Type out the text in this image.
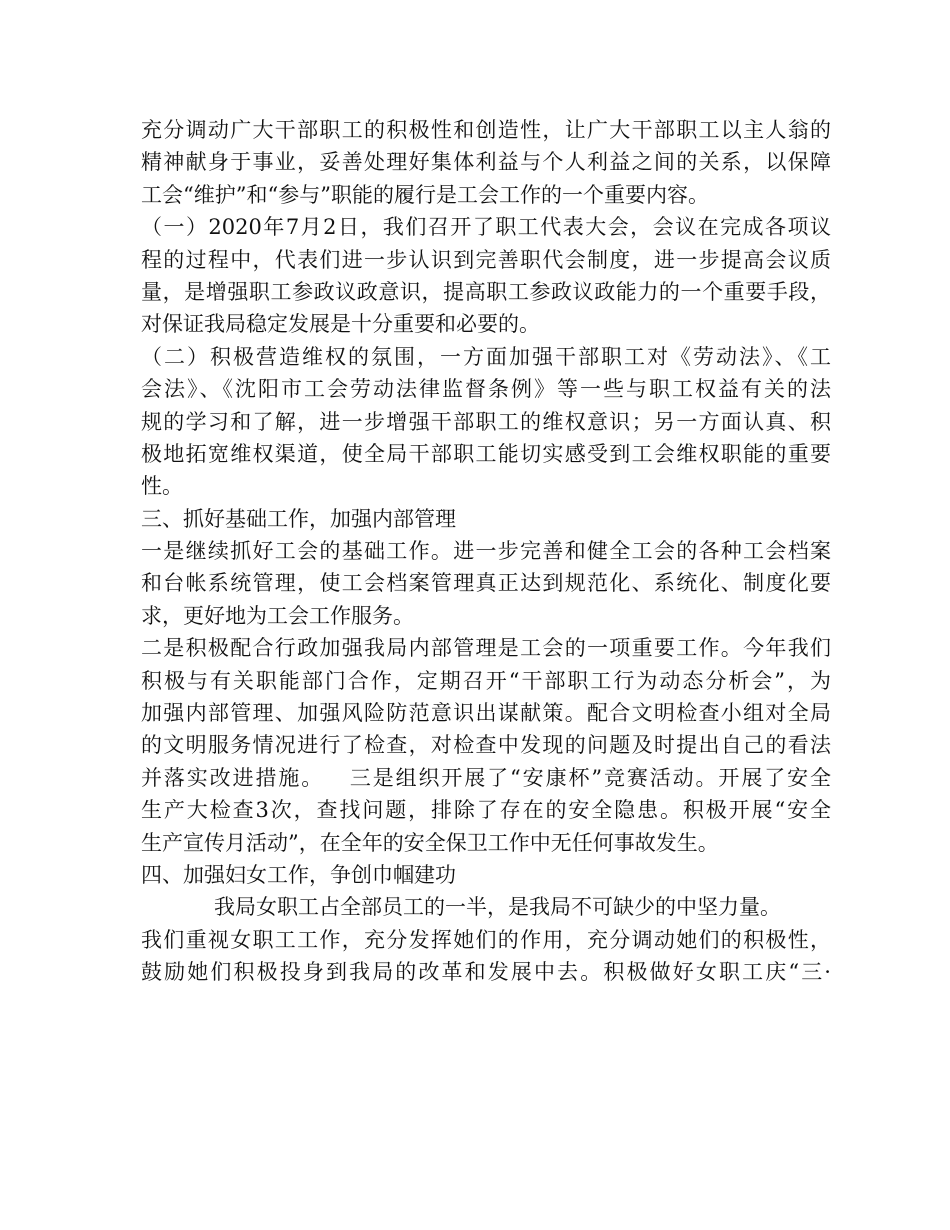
充分调动广大干部职工的积极性和创造性，让广大干部职工以主人翁的
精神献身于事业，妥善处理好集体利益与个人利益之间的关系，以保障
工会“维护”和“参与”职能的履行是工会工作的一个重要内容。
（一）2020年7月2日，我们召开了职工代表大会，会议在完成各项议
程的过程中，代表们进一步认识到完善职代会制度，进一步提高会议质
量，是增强职工参政议政意识，提高职工参政议政能力的一个重要手段，
对保证我局稳定发展是十分重要和必要的。
（二）积极营造维权的氛围，一方面加强干部职工对《劳动法》、《工
会法》、《沈阳市工会劳动法律监督条例》等一些与职工权益有关的法
规的学习和了解，进一步增强干部职工的维权意识；另一方面认真、积
极地拓宽维权渠道，使全局干部职工能切实感受到工会维权职能的重要
性。
三、抓好基础工作，加强内部管理
一是继续抓好工会的基础工作。进一步完善和健全工会的各种工会档案
和台帐系统管理，使工会档案管理真正达到规范化、系统化、制度化要
求，更好地为工会工作服务。
二是积极配合行政加强我局内部管理是工会的一项重要工作。今年我们
积极与有关职能部门合作，定期召开“干部职工行为动态分析会”，为
加强内部管理、加强风险防范意识出谋献策。配合文明检查小组对全局
的文明服务情况进行了检查，对检查中发现的问题及时提出自己的看法
并落实改进措施。   三是组织开展了“安康杯”竞赛活动。开展了安全
生产大检查3次，查找问题，排除了存在的安全隐患。积极开展“安全
生产宣传月活动”，在全年的安全保卫工作中无任何事故发生。
四、加强妇女工作，争创巾帼建功
我局女职工占全部员工的一半，是我局不可缺少的中坚力量。
我们重视女职工工作，充分发挥她们的作用，充分调动她们的积极性，
鼓励她们积极投身到我局的改革和发展中去。积极做好女职工庆“三·
